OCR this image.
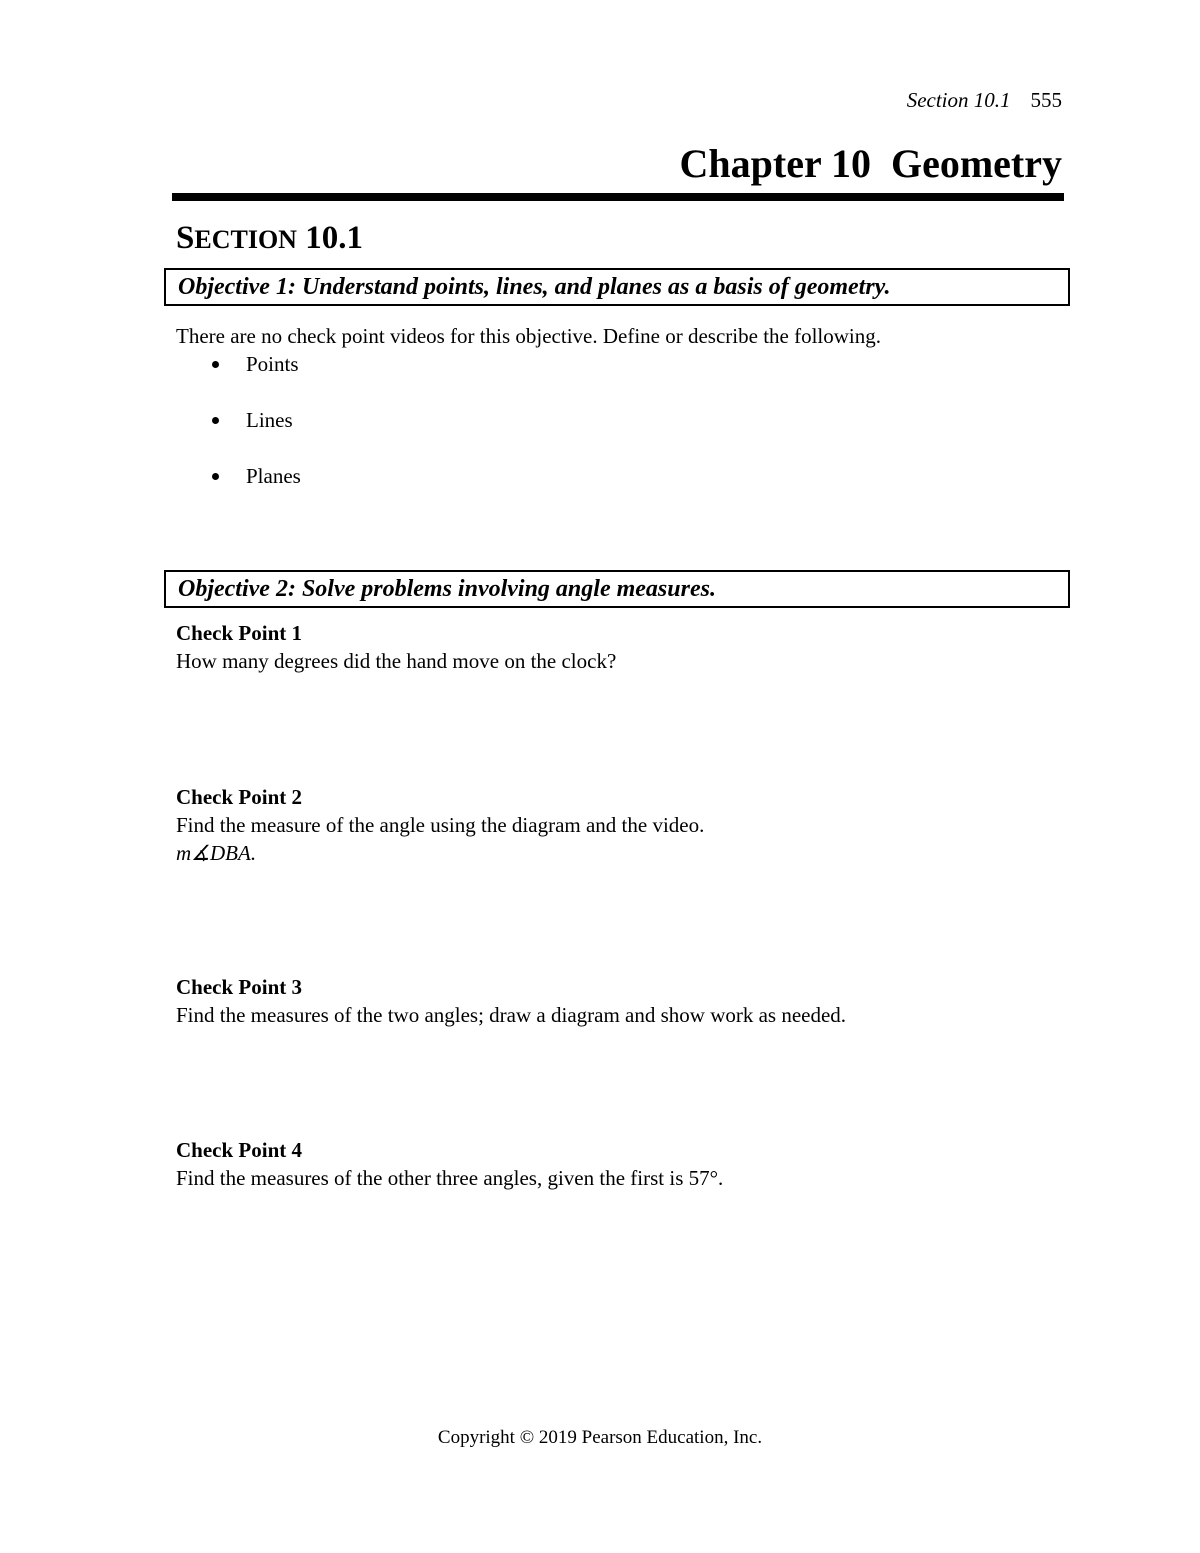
Section 10.1 555
Chapter 10  Geometry
SECTION 10.1
Objective 1: Understand points, lines, and planes as a basis of geometry.
There are no check point videos for this objective. Define or describe the following.
Points
Lines
Planes
Objective 2: Solve problems involving angle measures.
Check Point 1
How many degrees did the hand move on the clock?
Check Point 2
Find the measure of the angle using the diagram and the video.
m∡DBA.
Check Point 3
Find the measures of the two angles; draw a diagram and show work as needed.
Check Point 4
Find the measures of the other three angles, given the first is 57°.
Copyright © 2019 Pearson Education, Inc.
